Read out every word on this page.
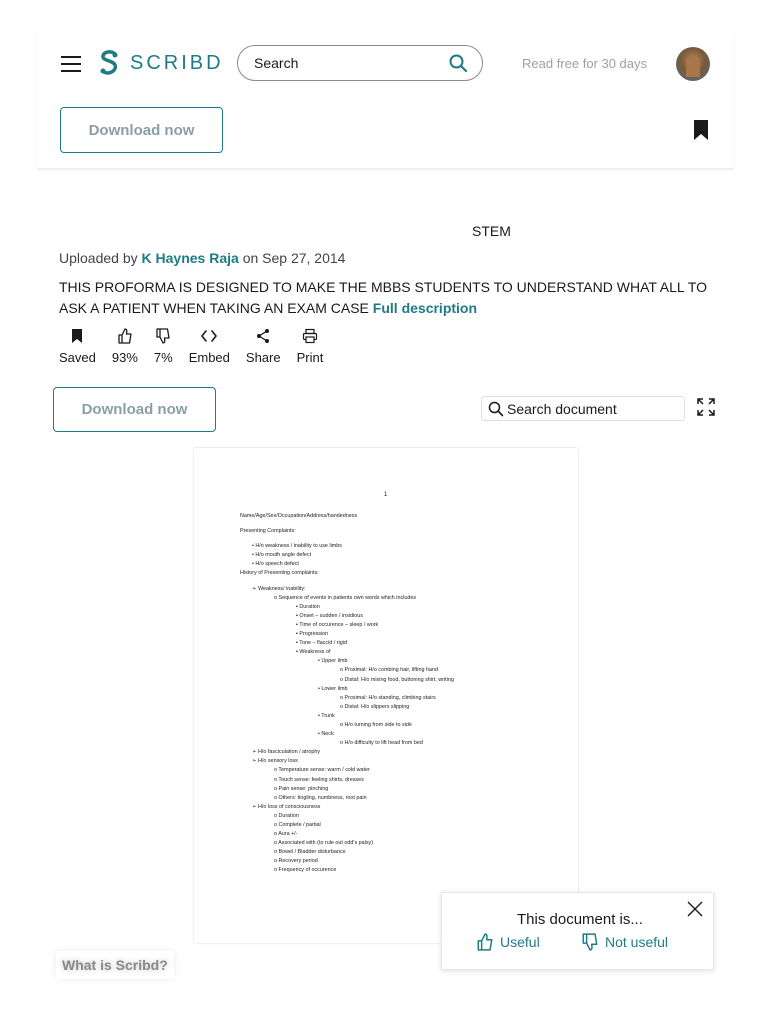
SCRIBD Search	Read free for 30 days
Download now
STEM
Uploaded by K Haynes Raja on Sep 27, 2014
THIS PROFORMA IS DESIGNED TO MAKE THE MBBS STUDENTS TO UNDERSTAND WHAT ALL TO ASK A PATIENT WHEN TAKING AN EXAM CASE Full description
Saved 93% 7% Embed Share Print
Download now	Search document
1
Name/Age/Sex/Occupation/Address/handedness
Presenting Complaints:
• H/o weakness / inability to use limbs
• H/o mouth angle defect
• H/o speech defect
History of Presenting complaints:
➢ Weakness/ inability:
o Sequence of events in patients own words which includes
▪ Duration
▪ Onset – sudden / insidious
▪ Time of occurence – sleep / work
▪ Progression
▪ Tone – flaccid / rigid
▪ Weakness of
• Upper limb
o Proximal: H/o combing hair, lifting hand
o Distal: H/o mixing food, buttoning shirt, writing
• Lower limb
o Proximal: H/o standing, climbing stairs
o Distal: H/o slippers slipping
• Trunk
o H/o turning from side to side
• Neck
o H/o difficulty to lift head from bed
➢ H/o fasciculation / atrophy
➢ H/o sensory loss
o Temperature sense: warm / cold water
o Touch sense: feeling shirts, dresses
o Pain sense: pinching
o Others: tingling, numbness, root pain
➢ H/o loss of consciousness
o Duration
o Complete / partial
o Aura +/-
o Associated with (to rule out odd's palsy)
o Bowel / Bladder disturbance
o Recovery period
o Frequency of occurence
This document is...
Useful	Not useful
What is Scribd?
